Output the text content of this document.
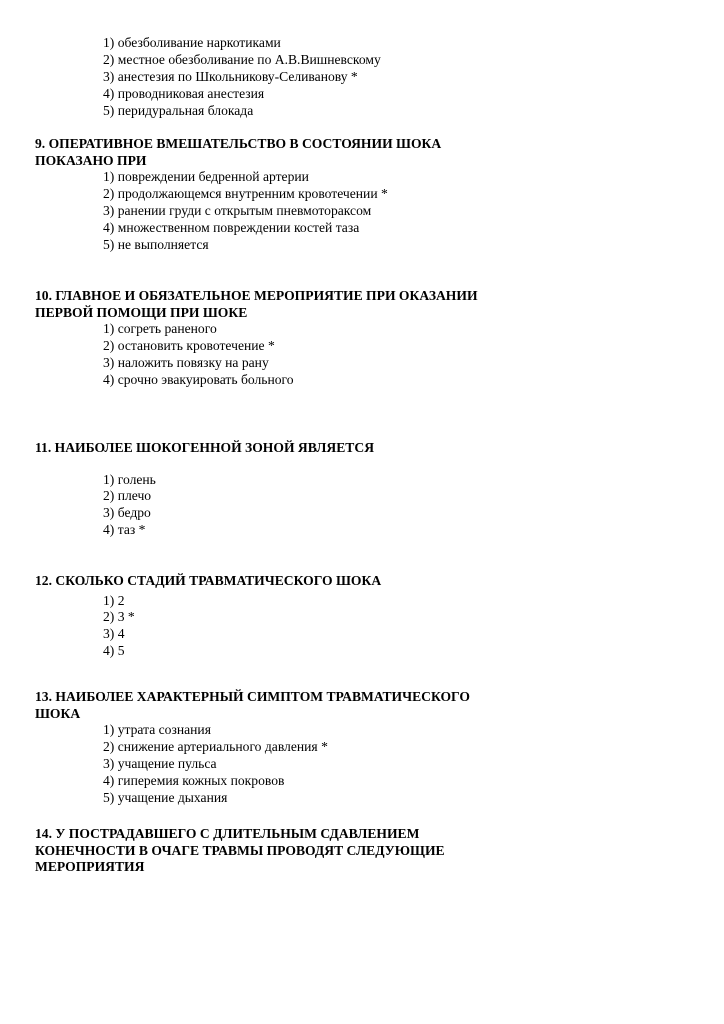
1) обезболивание наркотиками
2) местное обезболивание по А.В.Вишневскому
3) анестезия по Школьникову-Селиванову *
4) проводниковая анестезия
5) перидуральная блокада
9. ОПЕРАТИВНОЕ ВМЕШАТЕЛЬСТВО В СОСТОЯНИИ ШОКА
ПОКАЗАНО ПРИ
1) повреждении бедренной артерии
2) продолжающемся внутренним кровотечении *
3) ранении груди с открытым пневмотораксом
4) множественном повреждении костей таза
5) не выполняется
10. ГЛАВНОЕ И ОБЯЗАТЕЛЬНОЕ МЕРОПРИЯТИЕ ПРИ ОКАЗАНИИ
ПЕРВОЙ ПОМОЩИ ПРИ ШОКЕ
1) согреть раненого
2) остановить кровотечение *
3) наложить повязку на рану
4) срочно эвакуировать больного
11. НАИБОЛЕЕ ШОКОГЕННОЙ ЗОНОЙ ЯВЛЯЕТСЯ
1) голень
2) плечо
3) бедро
4) таз *
12. СКОЛЬКО СТАДИЙ ТРАВМАТИЧЕСКОГО ШОКА
1) 2
2) 3 *
3) 4
4) 5
13. НАИБОЛЕЕ ХАРАКТЕРНЫЙ СИМПТОМ ТРАВМАТИЧЕСКОГО
ШОКА
1) утрата сознания
2) снижение артериального давления *
3) учащение пульса
4) гиперемия кожных покровов
5) учащение дыхания
14. У ПОСТРАДАВШЕГО С ДЛИТЕЛЬНЫМ СДАВЛЕНИЕМ
КОНЕЧНОСТИ В ОЧАГЕ ТРАВМЫ ПРОВОДЯТ СЛЕДУЮЩИЕ
МЕРОПРИЯТИЯ
